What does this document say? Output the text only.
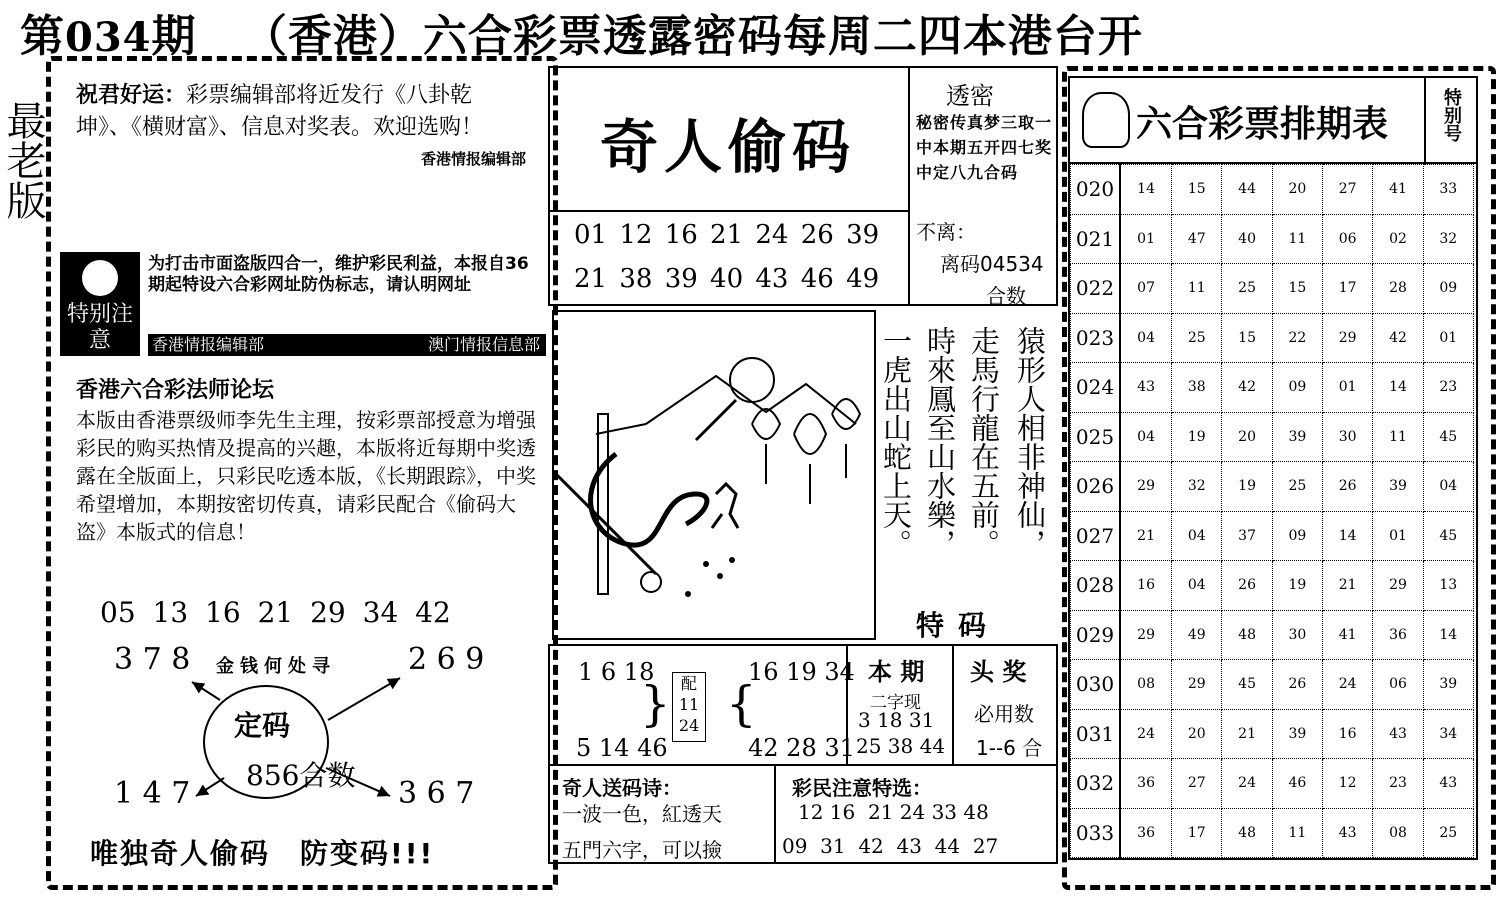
第034期 （香港）六合彩票透露密码每周二四本港台开
最老版
祝君好运：彩票编辑部将近发行《八卦乾坤》、《横财富》、信息对奖表。欢迎选购！
香港情报编辑部
特别注意
为打击市面盗版四合一，维护彩民利益，本报自36期起特设六合彩网址防伪标志，请认明网址
香港情报编辑部	澳门情报信息部
香港六合彩法师论坛
本版由香港票级师李先生主理，按彩票部授意为增强彩民的购买热情及提高的兴趣，本版将近每期中奖透露在全版面上，只彩民吃透本版，《长期跟踪》，中奖希望增加，本期按密切传真，请彩民配合《偷码大盗》本版式的信息！
05 13 16 21 29 34 42
3 7 8	2 6 9
金钱何处寻
定码
856合数
1 4 7	3 6 7
唯独奇人偷码　防变码!!!
奇人偷码
01 12 16 21 24 26 39
21 38 39 40 43 46 49
透密
秘密传真梦三取一中本期五开四七奖中定八九合码
不离：
离码04534
合数
猿形人相非神仙，
走馬行龍在五前。
時來鳳至山水樂，
一虎出山蛇上天。
特码
1 6 18
5 14 46
} 配
11
24 {
16 19 34
42 28 31
本 期
二字现
3 18 31
25 38 44
头 奖
必用数
1--6 合
奇人送码诗：
一波一色，紅透天
五門六字，可以撿
彩民注意特选：
12 16  21 24 33 48
09  31  42  43  44  27
六合彩票排期表	特别号
020	14	15	44	20	27	41	33
021	01	47	40	11	06	02	32
022	07	11	25	15	17	28	09
023	04	25	15	22	29	42	01
024	43	38	42	09	01	14	23
025	04	19	20	39	30	11	45
026	29	32	19	25	26	39	04
027	21	04	37	09	14	01	45
028	16	04	26	19	21	29	13
029	29	49	48	30	41	36	14
030	08	29	45	26	24	06	39
031	24	20	21	39	16	43	34
032	36	27	24	46	12	23	43
033	36	17	48	11	43	08	25
